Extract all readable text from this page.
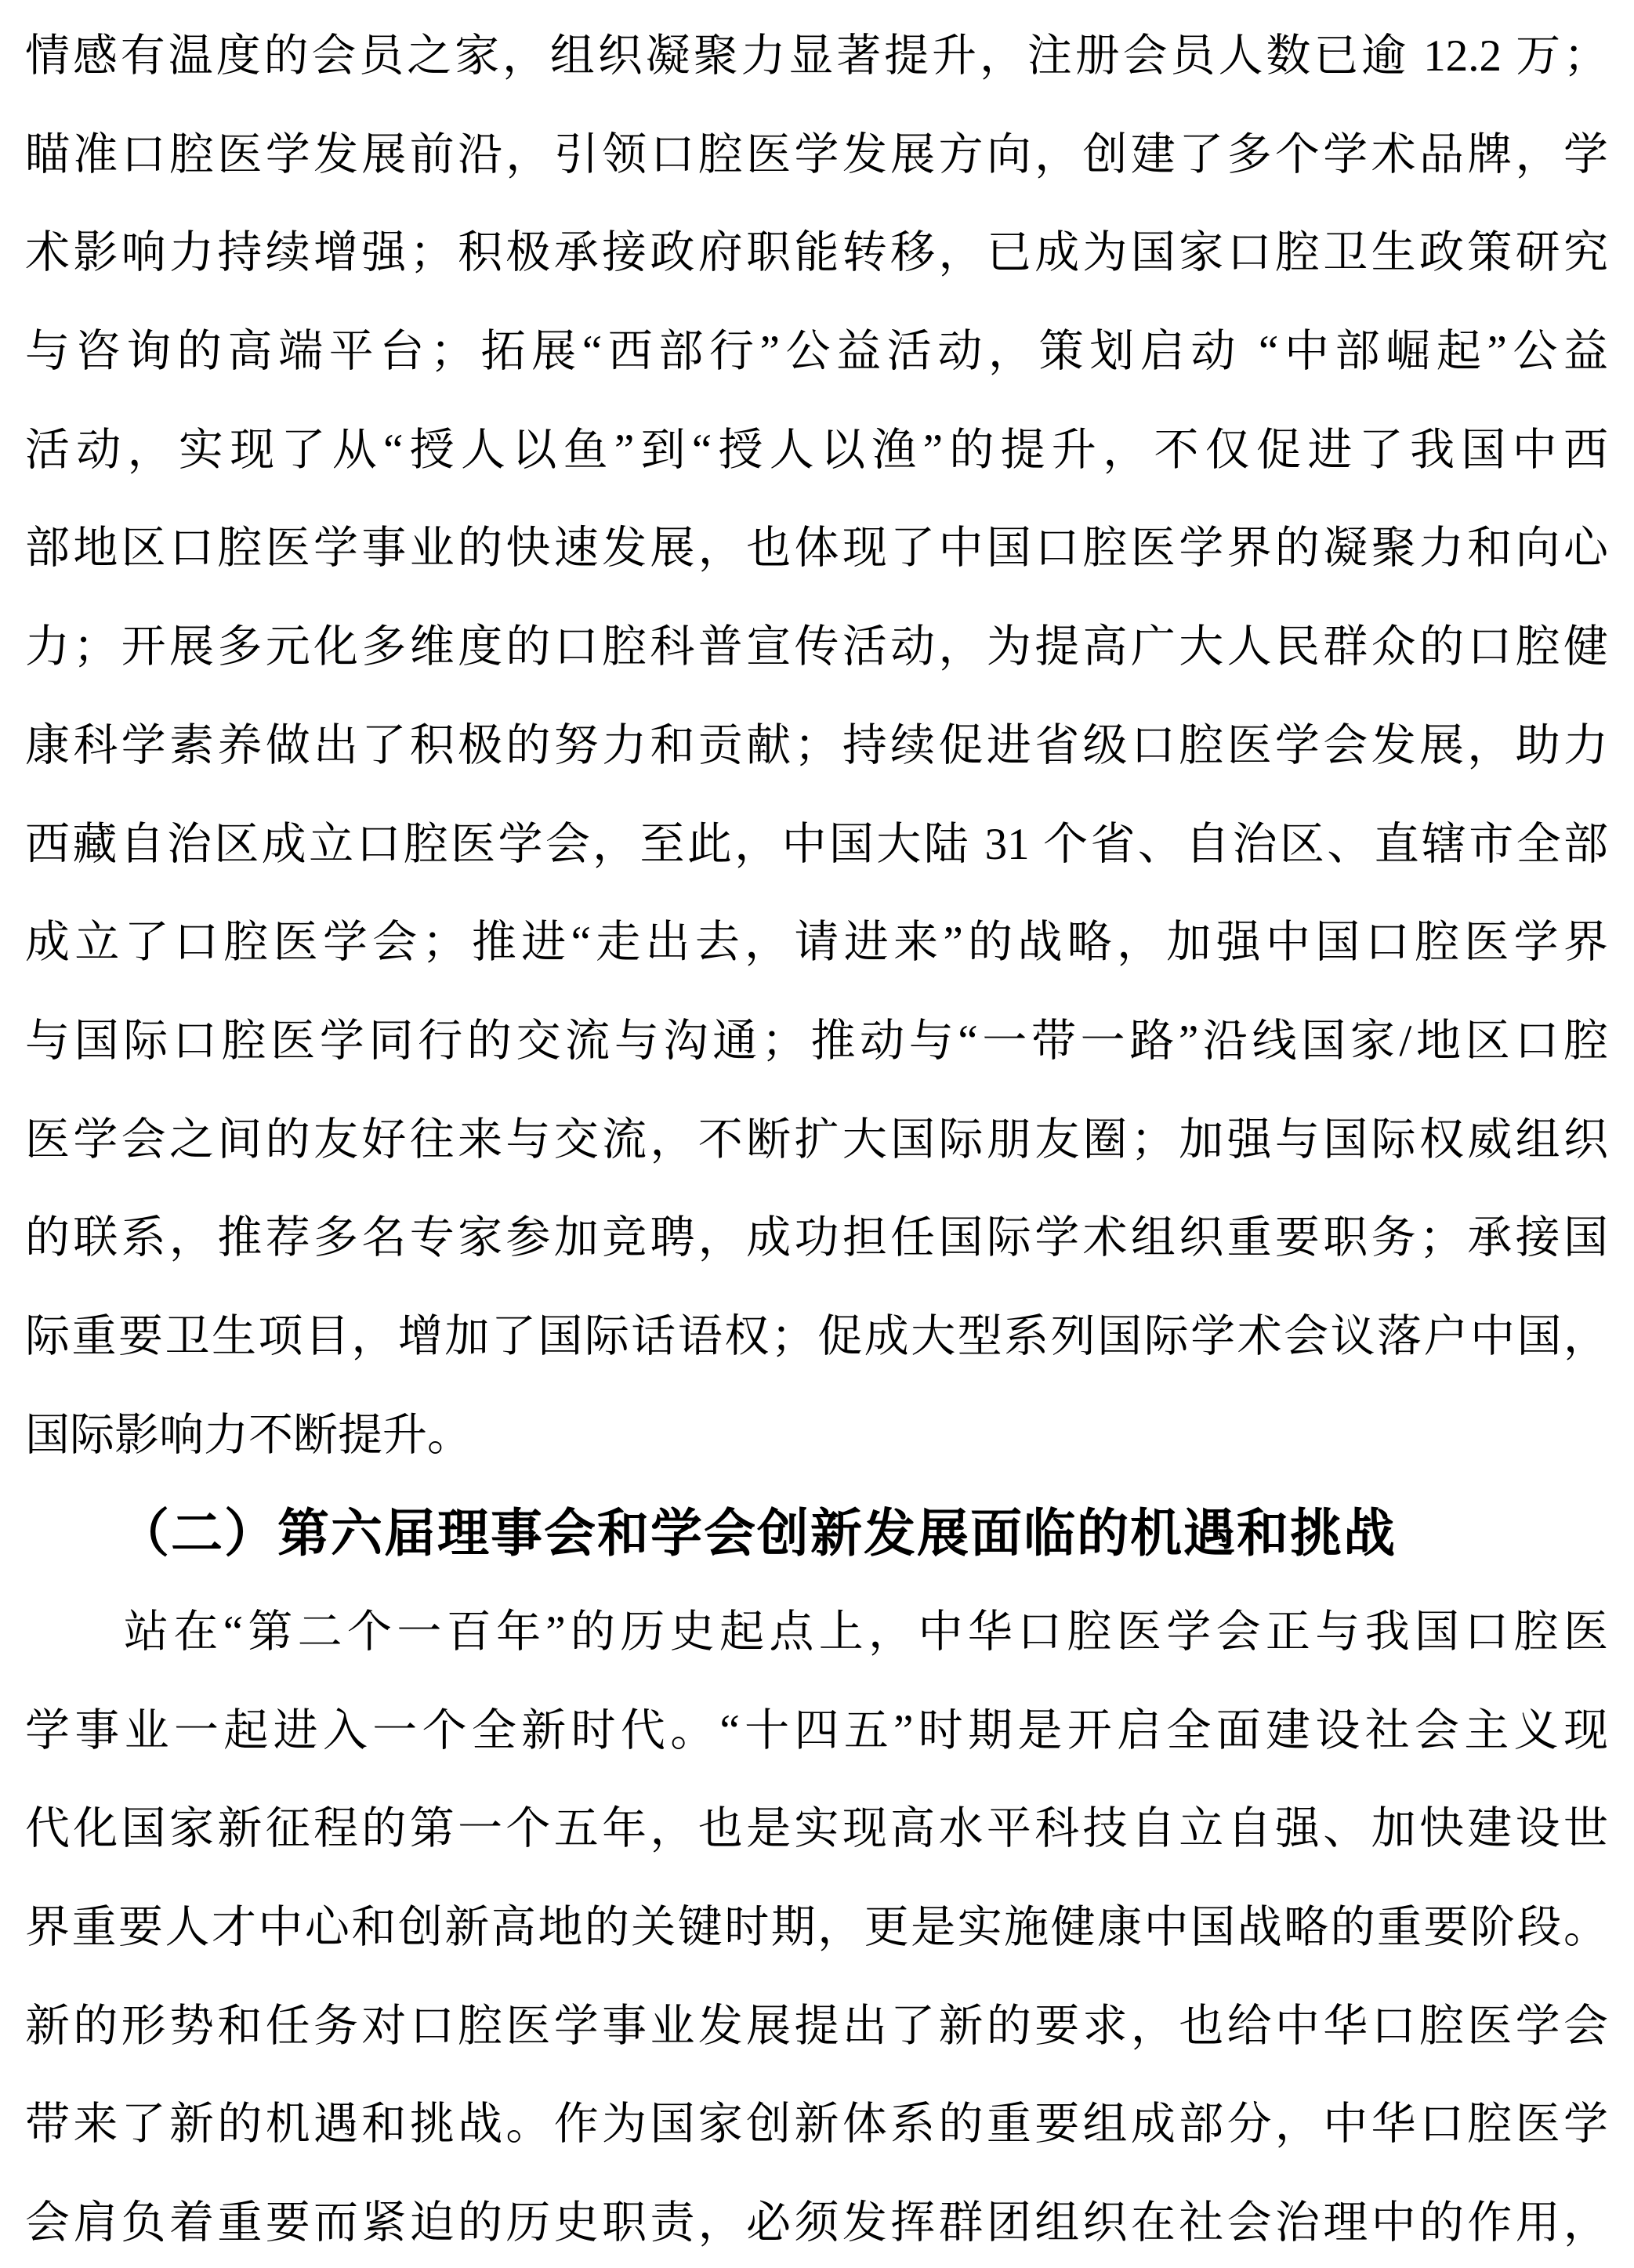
情感有温度的会员之家，组织凝聚力显著提升，注册会员人数已逾 12.2 万；

瞄准口腔医学发展前沿，引领口腔医学发展方向，创建了多个学术品牌，学

术影响力持续增强；积极承接政府职能转移，已成为国家口腔卫生政策研究

与咨询的高端平台；拓展“西部行”公益活动，策划启动 “中部崛起”公益

活动，实现了从“授人以鱼”到“授人以渔”的提升，不仅促进了我国中西

部地区口腔医学事业的快速发展，也体现了中国口腔医学界的凝聚力和向心

力；开展多元化多维度的口腔科普宣传活动，为提高广大人民群众的口腔健

康科学素养做出了积极的努力和贡献；持续促进省级口腔医学会发展，助力

西藏自治区成立口腔医学会，至此，中国大陆 31 个省、自治区、直辖市全部

成立了口腔医学会；推进“走出去，请进来”的战略，加强中国口腔医学界

与国际口腔医学同行的交流与沟通；推动与“一带一路”沿线国家/地区口腔

医学会之间的友好往来与交流，不断扩大国际朋友圈；加强与国际权威组织

的联系，推荐多名专家参加竞聘，成功担任国际学术组织重要职务；承接国

际重要卫生项目，增加了国际话语权；促成大型系列国际学术会议落户中国，

国际影响力不断提升。

（二）第六届理事会和学会创新发展面临的机遇和挑战

站在“第二个一百年”的历史起点上，中华口腔医学会正与我国口腔医

学事业一起进入一个全新时代。“十四五”时期是开启全面建设社会主义现

代化国家新征程的第一个五年，也是实现高水平科技自立自强、加快建设世

界重要人才中心和创新高地的关键时期，更是实施健康中国战略的重要阶段。

新的形势和任务对口腔医学事业发展提出了新的要求，也给中华口腔医学会

带来了新的机遇和挑战。作为国家创新体系的重要组成部分，中华口腔医学

会肩负着重要而紧迫的历史职责，必须发挥群团组织在社会治理中的作用，
